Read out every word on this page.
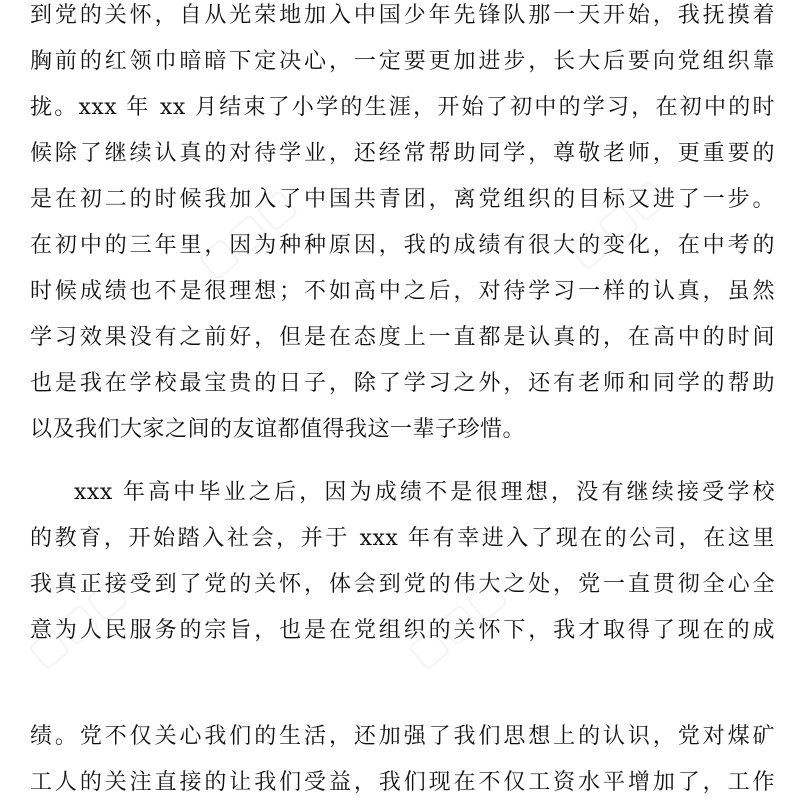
▢▢▢	▢▢▢
▢▢▢	▢▢▢
到党的关怀，自从光荣地加入中国少年先锋队那一天开始，我抚摸着
胸前的红领巾暗暗下定决心，一定要更加进步，长大后要向党组织靠
拢。xxx 年 xx 月结束了小学的生涯，开始了初中的学习，在初中的时
候除了继续认真的对待学业，还经常帮助同学，尊敬老师，更重要的
是在初二的时候我加入了中国共青团，离党组织的目标又进了一步。
在初中的三年里，因为种种原因，我的成绩有很大的变化，在中考的
时候成绩也不是很理想；不如高中之后，对待学习一样的认真，虽然
学习效果没有之前好，但是在态度上一直都是认真的，在高中的时间
也是我在学校最宝贵的日子，除了学习之外，还有老师和同学的帮助
以及我们大家之间的友谊都值得我这一辈子珍惜。
xxx 年高中毕业之后，因为成绩不是很理想，没有继续接受学校
的教育，开始踏入社会，并于 xxx 年有幸进入了现在的公司，在这里
我真正接受到了党的关怀，体会到党的伟大之处，党一直贯彻全心全
意为人民服务的宗旨，也是在党组织的关怀下，我才取得了现在的成
绩。党不仅关心我们的生活，还加强了我们思想上的认识，党对煤矿
工人的关注直接的让我们受益，我们现在不仅工资水平增加了，工作
